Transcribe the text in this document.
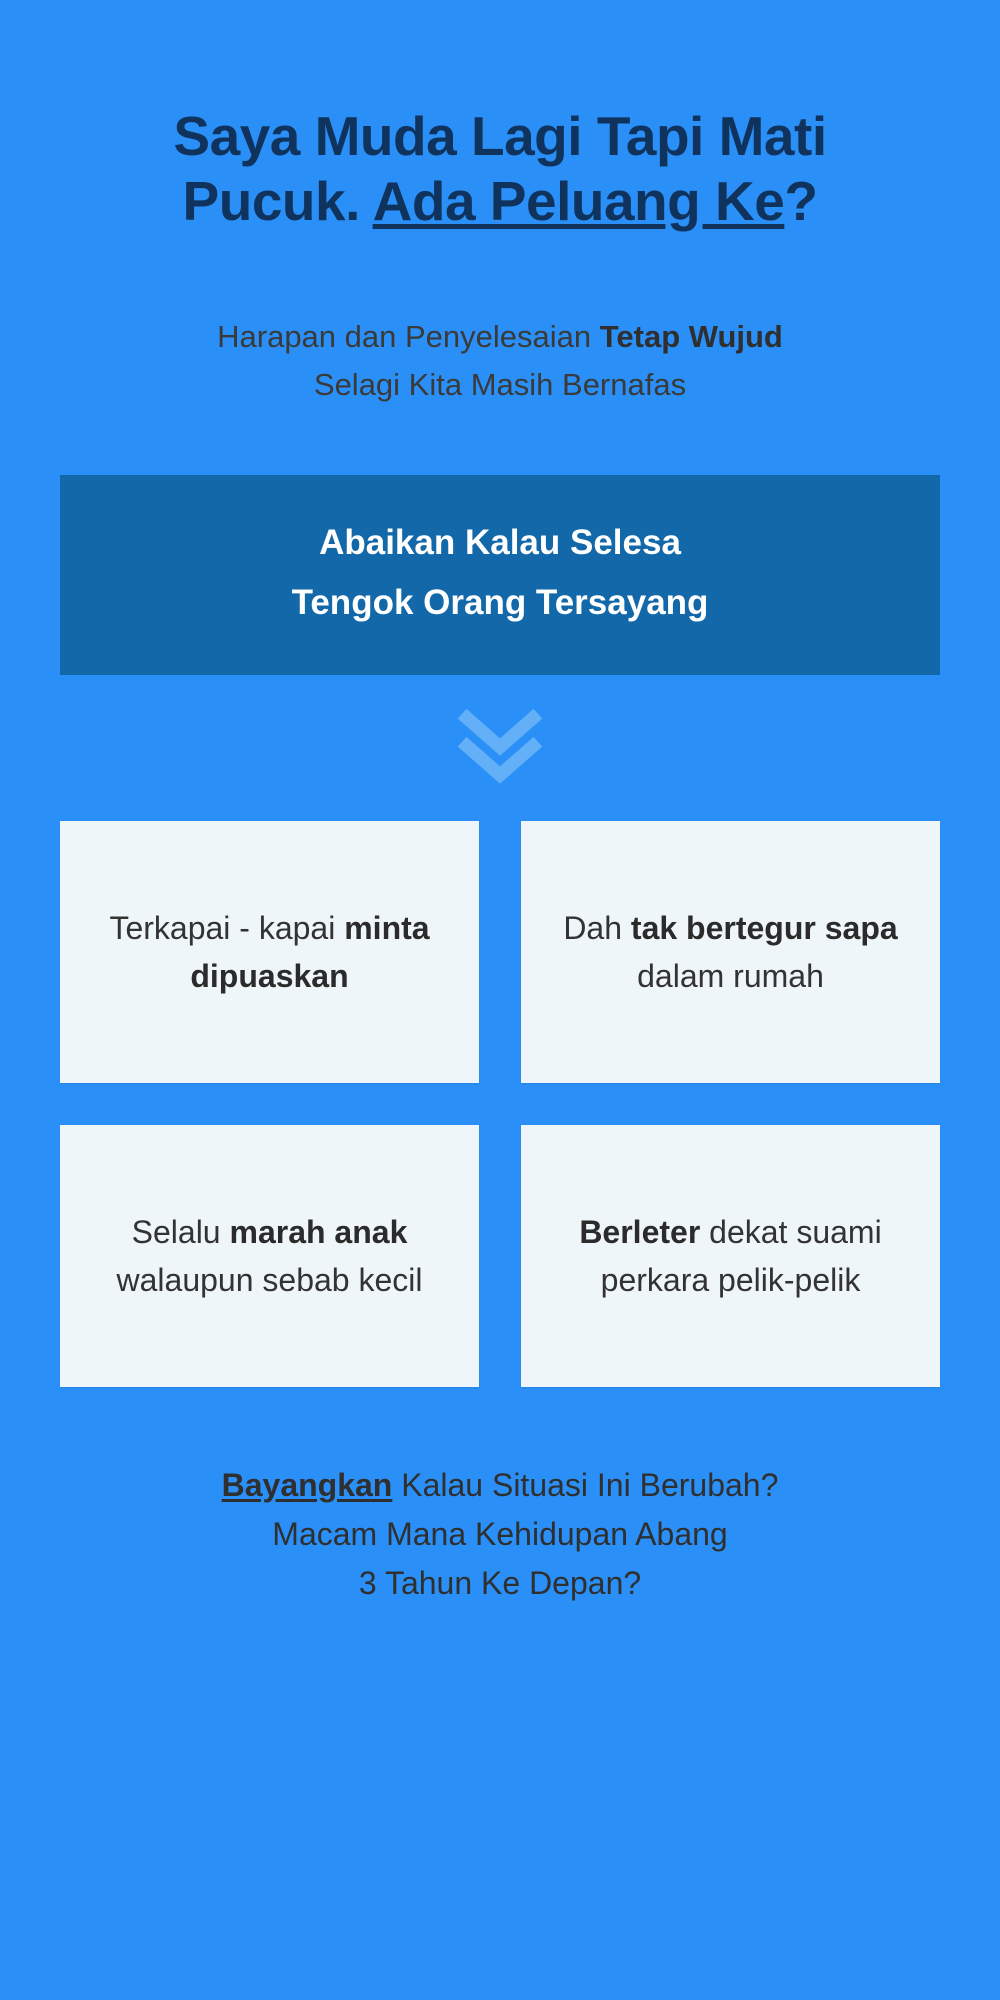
Saya Muda Lagi Tapi Mati
Pucuk. Ada Peluang Ke?

Harapan dan Penyelesaian Tetap Wujud
Selagi Kita Masih Bernafas

Abaikan Kalau Selesa
Tengok Orang Tersayang

Terkapai - kapai minta dipuaskan

Dah tak bertegur sapa dalam rumah

Selalu marah anak walaupun sebab kecil

Berleter dekat suami perkara pelik-pelik

Bayangkan Kalau Situasi Ini Berubah?
Macam Mana Kehidupan Abang
3 Tahun Ke Depan?
